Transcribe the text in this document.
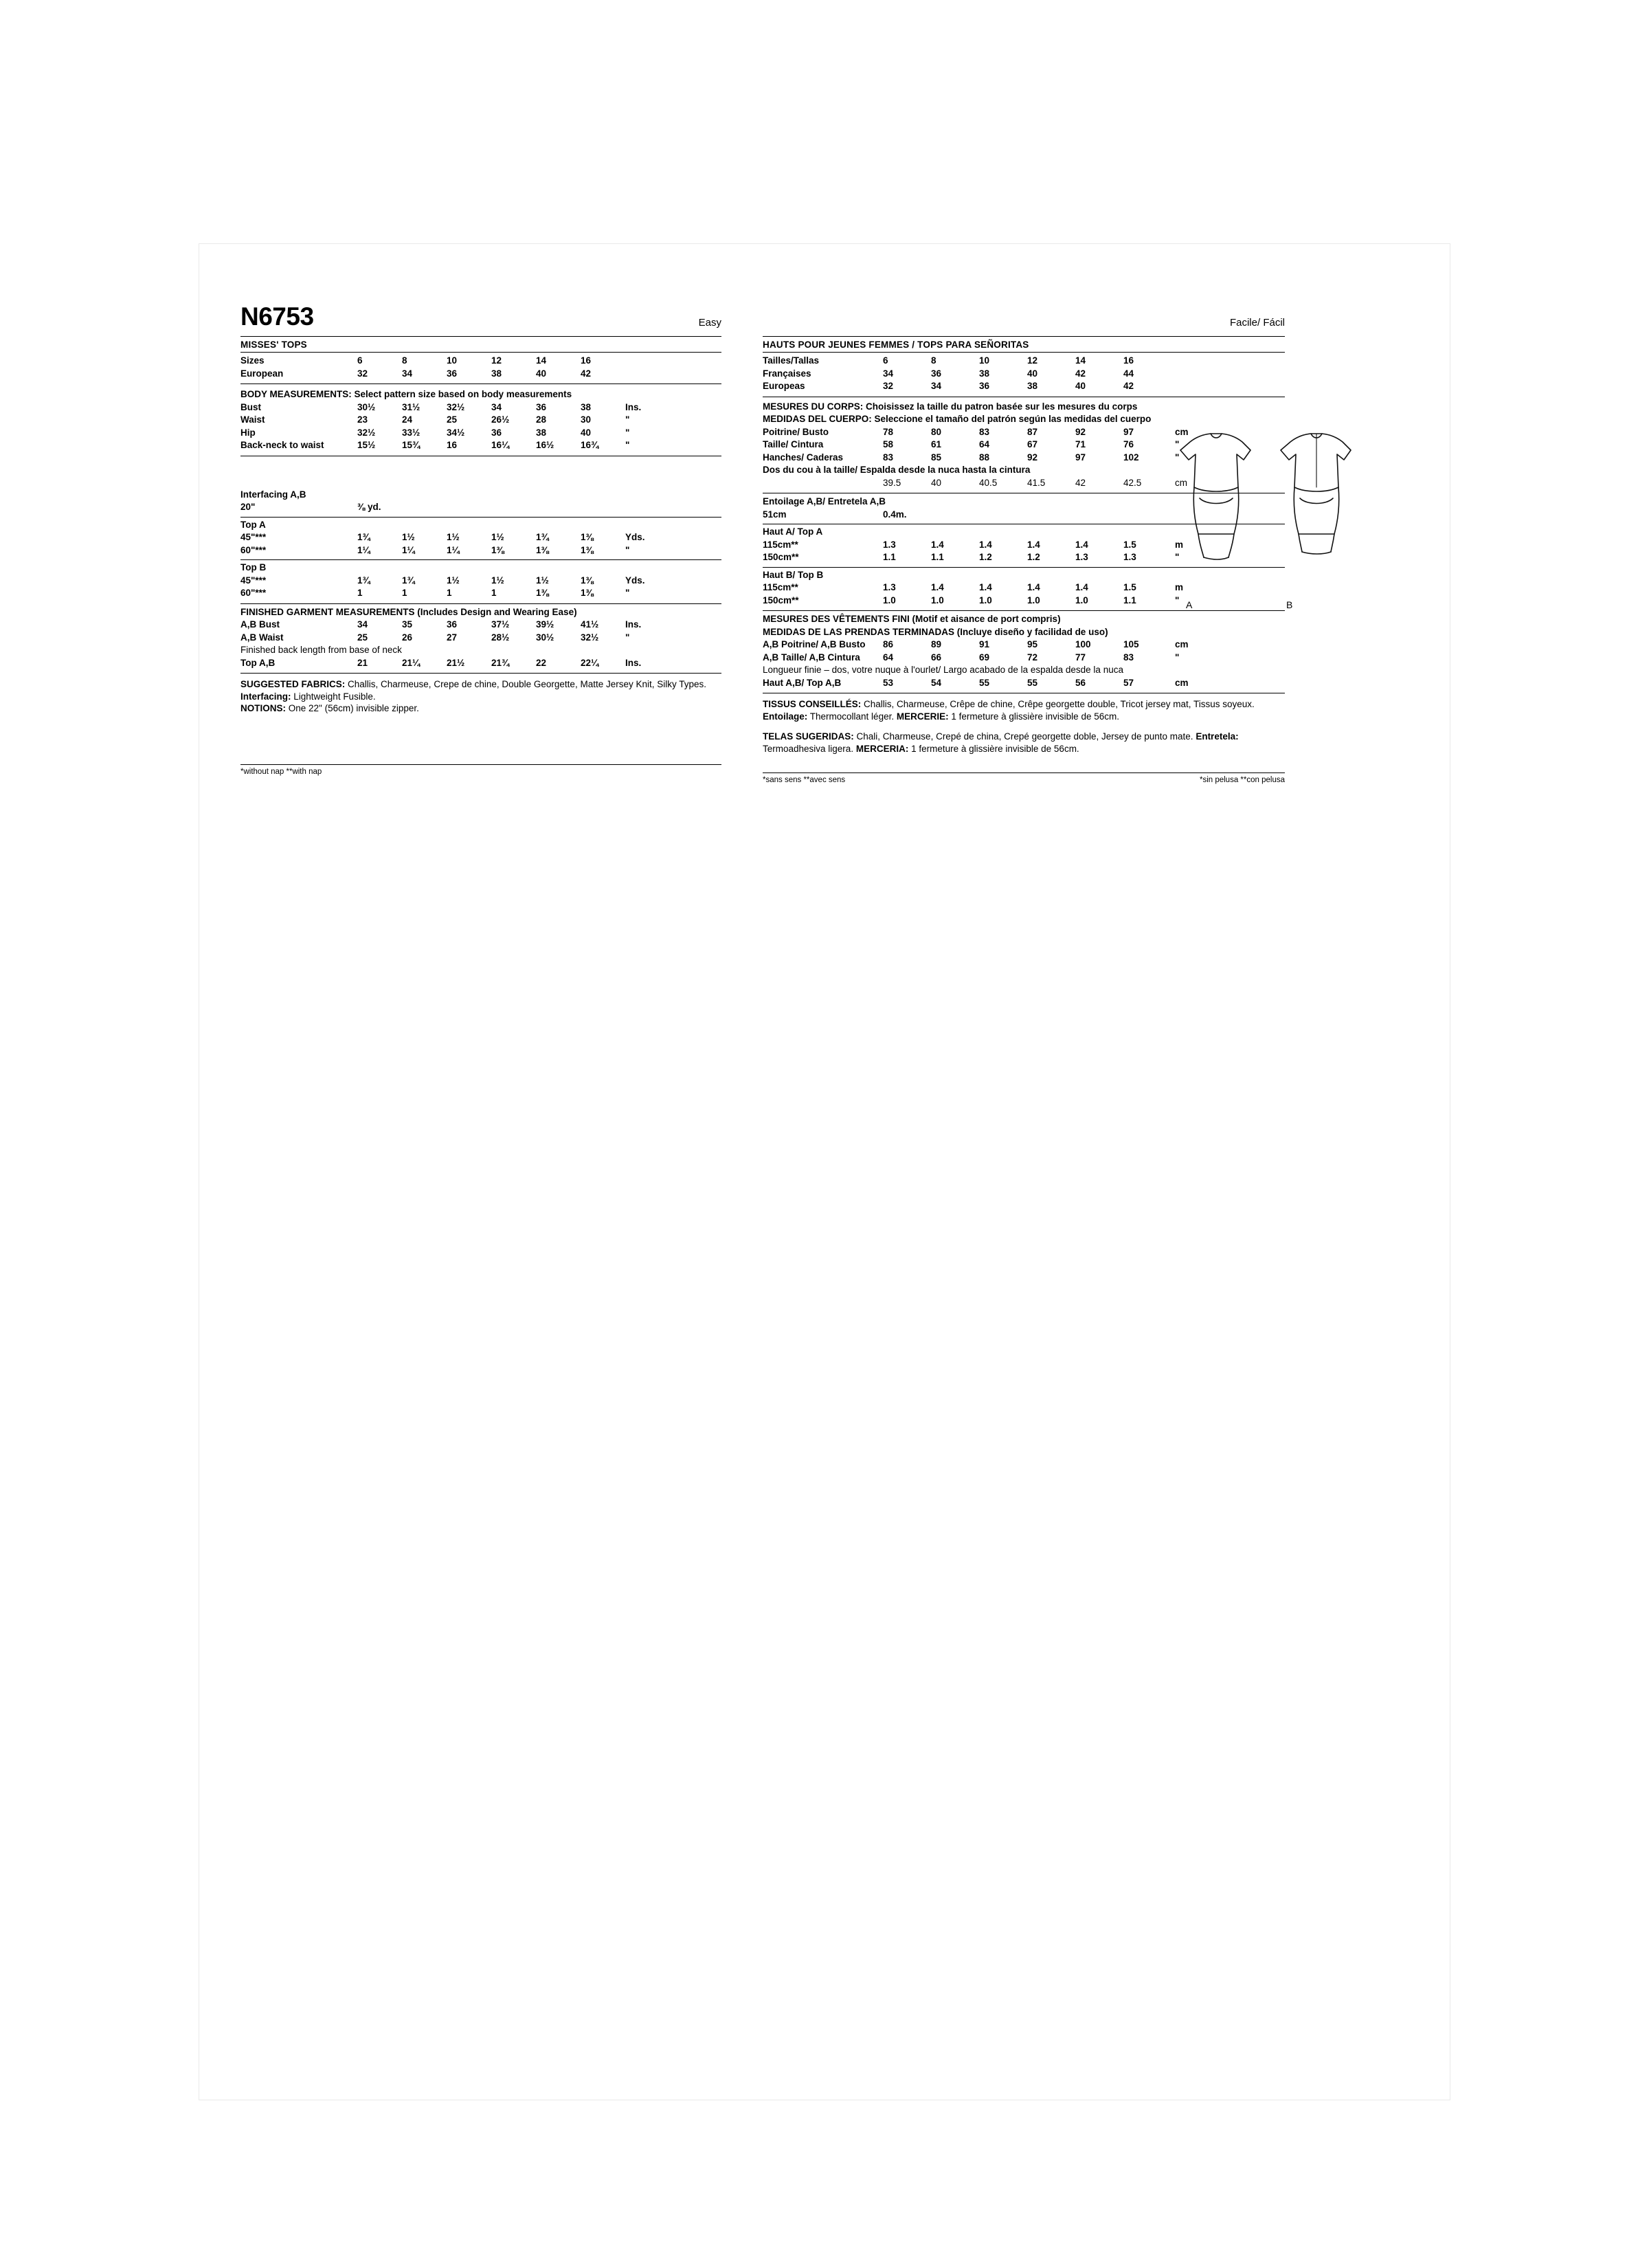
N6753	Easy
MISSES' TOPS
Sizes	6	8	10	12	14	16
European	32	34	36	38	40	42
BODY MEASUREMENTS: Select pattern size based on body measurements
Bust	30½	31½	32½	34	36	38	Ins.
Waist	23	24	25	26½	28	30	"
Hip	32½	33½	34½	36	38	40	"
Back-neck to waist	15½	15¾	16	16¼	16½	16¾	"
Interfacing A,B
20"	⅜ yd.
Top A
45"***	1¾	1½	1½	1½	1¾	1⅜	Yds.
60"***	1¼	1¼	1¼	1⅜	1⅜	1⅜	"
Top B
45"***	1¾	1¾	1½	1½	1½	1⅜	Yds.
60"***	1	1	1	1	1⅜	1⅜	"
FINISHED GARMENT MEASUREMENTS (Includes Design and Wearing Ease)
A,B Bust	34	35	36	37½	39½	41½	Ins.
A,B Waist	25	26	27	28½	30½	32½	"
Finished back length from base of neck
Top A,B	21	21¼	21½	21¾	22	22¼	Ins.
SUGGESTED FABRICS: Challis, Charmeuse, Crepe de chine, Double Georgette, Matte Jersey Knit, Silky Types. Interfacing: Lightweight Fusible.
NOTIONS: One 22" (56cm) invisible zipper.
*without nap **with nap
Facile/ Fácil
HAUTS POUR JEUNES FEMMES / TOPS PARA SEÑORITAS
Tailles/Tallas	6	8	10	12	14	16
Françaises	34	36	38	40	42	44
Europeas	32	34	36	38	40	42
MESURES DU CORPS: Choisissez la taille du patron basée sur les mesures du corps
MEDIDAS DEL CUERPO: Seleccione el tamaño del patrón según las medidas del cuerpo
Poitrine/ Busto	78	80	83	87	92	97	cm
Taille/ Cintura	58	61	64	67	71	76	"
Hanches/ Caderas	83	85	88	92	97	102	"
Dos du cou à la taille/ Espalda desde la nuca hasta la cintura
39.5	40	40.5	41.5	42	42.5	cm
Entoilage A,B/ Entretela A,B
51cm	0.4m.
Haut A/ Top A
115cm**	1.3	1.4	1.4	1.4	1.4	1.5	m
150cm**	1.1	1.1	1.2	1.2	1.3	1.3	"
Haut B/ Top B
115cm**	1.3	1.4	1.4	1.4	1.4	1.5	m
150cm**	1.0	1.0	1.0	1.0	1.0	1.1	"
MESURES DES VÊTEMENTS FINI (Motif et aisance de port compris)
MEDIDAS DE LAS PRENDAS TERMINADAS (Incluye diseño y facilidad de uso)
A,B Poitrine/ A,B Busto 86	89	91	95	100	105	cm
A,B Taille/ A,B Cintura 64	66	69	72	77	83	"
Longueur finie – dos, votre nuque à l'ourlet/ Largo acabado de la espalda desde la nuca
Haut A,B/ Top A,B	53	54	55	55	56	57	cm
TISSUS CONSEILLÉS: Challis, Charmeuse, Crêpe de chine, Crêpe georgette double, Tricot jersey mat, Tissus soyeux. Entoilage: Thermocollant léger. MERCERIE: 1 fermeture à glissière invisible de 56cm.
TELAS SUGERIDAS: Chali, Charmeuse, Crepé de china, Crepé georgette doble, Jersey de punto mate. Entretela: Termoadhesiva ligera. MERCERIA: 1 fermeture à glissière invisible de 56cm.
*sans sens **avec sens	*sin pelusa **con pelusa
A	B
